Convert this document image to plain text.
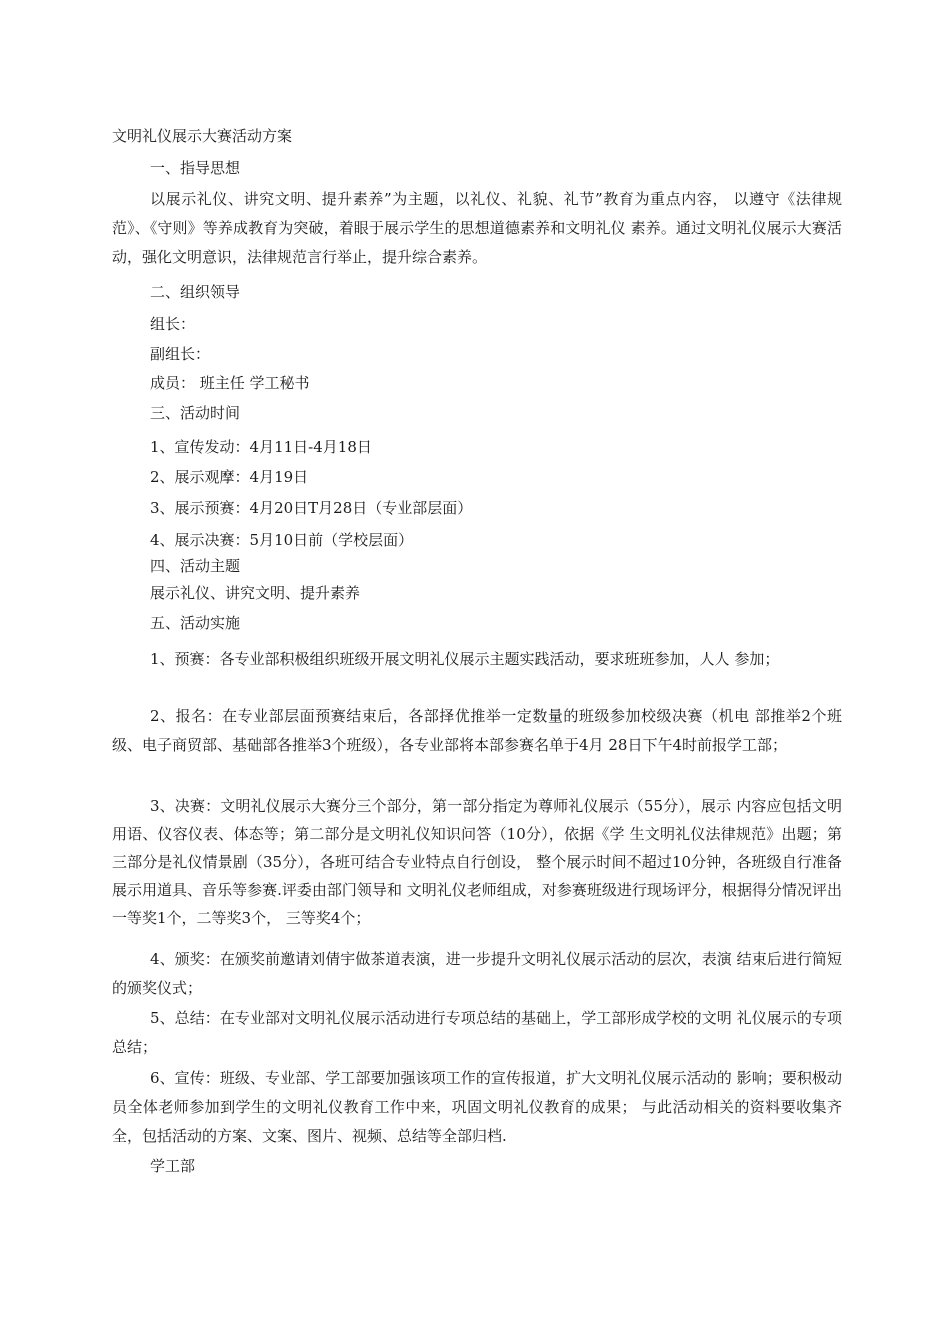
文明礼仪展示大赛活动方案
一、指导思想
以展示礼仪、讲究文明、提升素养”为主题，以礼仪、礼貌、礼节”教育为重点内容， 以遵守《法律规范》、《守则》等养成教育为突破，着眼于展示学生的思想道德素养和文明礼仪 素养。通过文明礼仪展示大赛活动，强化文明意识，法律规范言行举止，提升综合素养。
二、组织领导
组长：
副组长：
成员： 班主任 学工秘书
三、活动时间
1、宣传发动：4月11日-4月18日
2、展示观摩：4月19日
3、展示预赛：4月20日T月28日（专业部层面）
4、展示决赛：5月10日前（学校层面）
四、活动主题
展示礼仪、讲究文明、提升素养
五、活动实施
1、预赛：各专业部积极组织班级开展文明礼仪展示主题实践活动，要求班班参加，人人 参加；
2、报名：在专业部层面预赛结束后，各部择优推举一定数量的班级参加校级决赛（机电 部推举2个班级、电子商贸部、基础部各推举3个班级），各专业部将本部参赛名单于4月 28日下午4时前报学工部；
3、决赛：文明礼仪展示大赛分三个部分，第一部分指定为尊师礼仪展示（55分），展示 内容应包括文明用语、仪容仪表、体态等；第二部分是文明礼仪知识问答（10分），依据《学 生文明礼仪法律规范》出题；第三部分是礼仪情景剧（35分），各班可结合专业特点自行创设， 整个展示时间不超过10分钟，各班级自行准备展示用道具、音乐等参赛.评委由部门领导和 文明礼仪老师组成，对参赛班级进行现场评分，根据得分情况评出一等奖1个，二等奖3个， 三等奖4个；
4、颁奖：在颁奖前邀请刘倩宇做茶道表演，进一步提升文明礼仪展示活动的层次，表演 结束后进行简短的颁奖仪式；
5、总结：在专业部对文明礼仪展示活动进行专项总结的基础上，学工部形成学校的文明 礼仪展示的专项总结；
6、宣传：班级、专业部、学工部要加强该项工作的宣传报道，扩大文明礼仪展示活动的 影响；要积极动员全体老师参加到学生的文明礼仪教育工作中来，巩固文明礼仪教育的成果； 与此活动相关的资料要收集齐全，包括活动的方案、文案、图片、视频、总结等全部归档.
学工部
